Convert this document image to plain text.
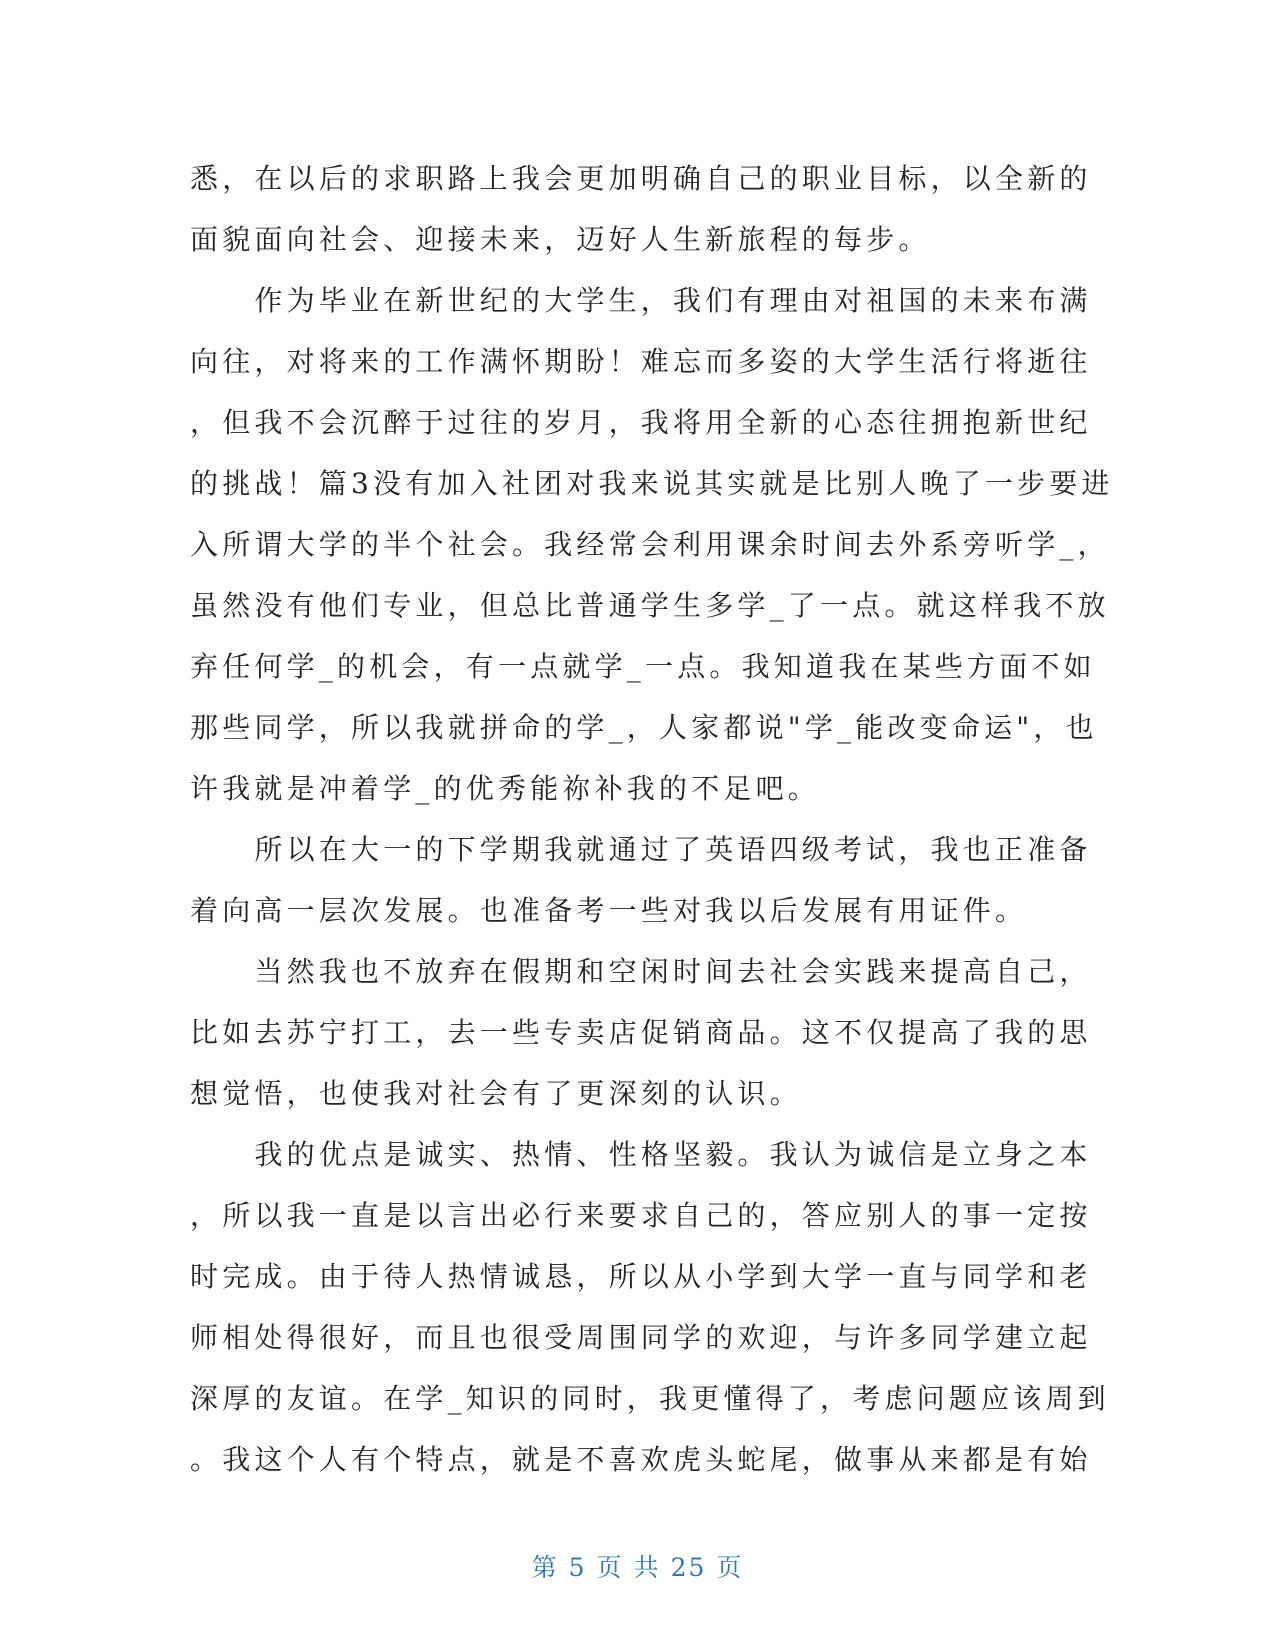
悉，在以后的求职路上我会更加明确自己的职业目标，以全新的
面貌面向社会、迎接未来，迈好人生新旅程的每步。
　　作为毕业在新世纪的大学生，我们有理由对祖国的未来布满
向往，对将来的工作满怀期盼！难忘而多姿的大学生活行将逝往
，但我不会沉醉于过往的岁月，我将用全新的心态往拥抱新世纪
的挑战！篇3没有加入社团对我来说其实就是比别人晚了一步要进
入所谓大学的半个社会。我经常会利用课余时间去外系旁听学_，
虽然没有他们专业，但总比普通学生多学_了一点。就这样我不放
弃任何学_的机会，有一点就学_一点。我知道我在某些方面不如
那些同学，所以我就拼命的学_，人家都说"学_能改变命运"，也
许我就是冲着学_的优秀能祢补我的不足吧。
　　所以在大一的下学期我就通过了英语四级考试，我也正准备
着向高一层次发展。也准备考一些对我以后发展有用证件。
　　当然我也不放弃在假期和空闲时间去社会实践来提高自己，
比如去苏宁打工，去一些专卖店促销商品。这不仅提高了我的思
想觉悟，也使我对社会有了更深刻的认识。
　　我的优点是诚实、热情、性格坚毅。我认为诚信是立身之本
，所以我一直是以言出必行来要求自己的，答应别人的事一定按
时完成。由于待人热情诚恳，所以从小学到大学一直与同学和老
师相处得很好，而且也很受周围同学的欢迎，与许多同学建立起
深厚的友谊。在学_知识的同时，我更懂得了，考虑问题应该周到
。我这个人有个特点，就是不喜欢虎头蛇尾，做事从来都是有始
第 5 页 共 25 页
